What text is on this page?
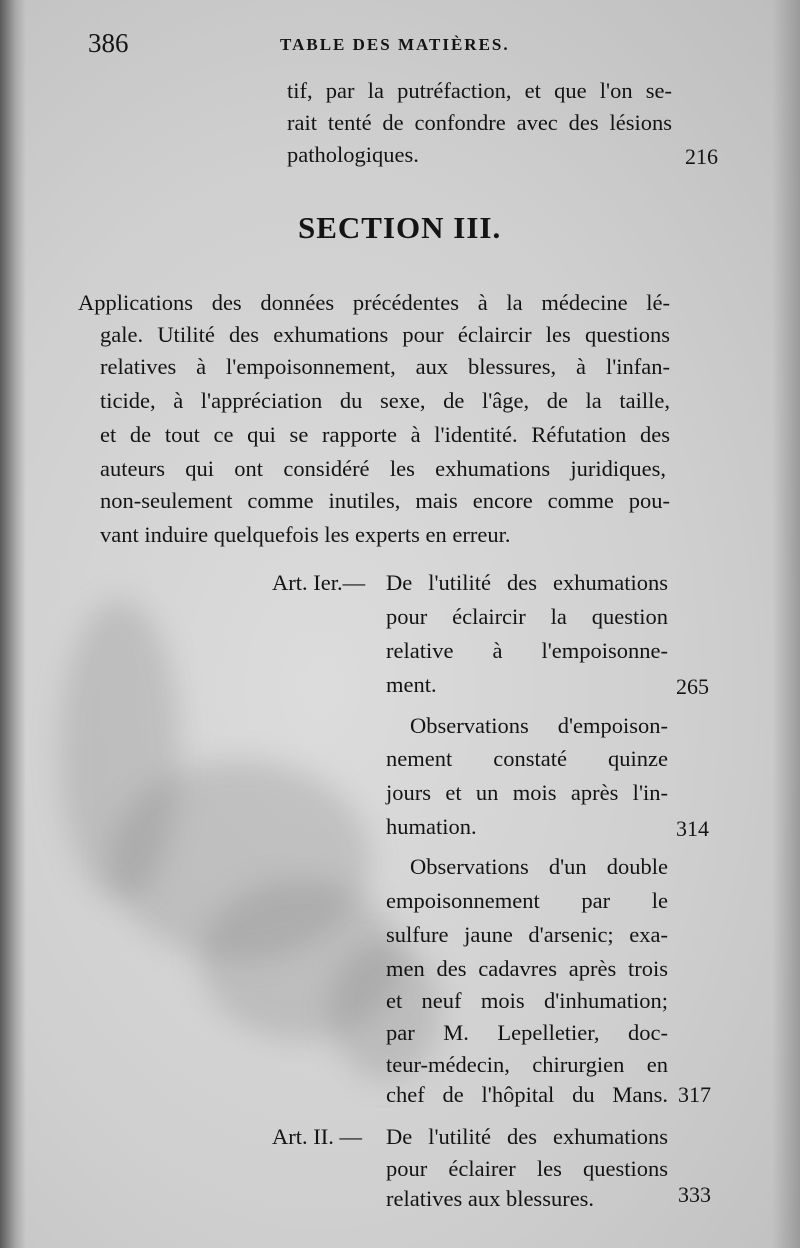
386	TABLE DES MATIÈRES.
tif, par la putréfaction, et que l'on se-
rait tenté de confondre avec des lésions
pathologiques.	216
SECTION III.
Applications des données précédentes à la médecine lé-
gale. Utilité des exhumations pour éclaircir les questions
relatives à l'empoisonnement, aux blessures, à l'infan-
ticide, à l'appréciation du sexe, de l'âge, de la taille,
et de tout ce qui se rapporte à l'identité. Réfutation des
auteurs qui ont considéré les exhumations juridiques,
non-seulement comme inutiles, mais encore comme pou-
vant induire quelquefois les experts en erreur.
Art. Ier.— De l'utilité des exhumations
pour éclaircir la question
relative à l'empoisonne-
ment.	265
Observations d'empoison-
nement constaté quinze
jours et un mois après l'in-
humation.	314
Observations d'un double
empoisonnement par le
sulfure jaune d'arsenic; exa-
men des cadavres après trois
et neuf mois d'inhumation;
par M. Lepelletier, doc-
teur-médecin, chirurgien en
chef de l'hôpital du Mans. 317
Art. II. — De l'utilité des exhumations
pour éclairer les questions
relatives aux blessures.	333
